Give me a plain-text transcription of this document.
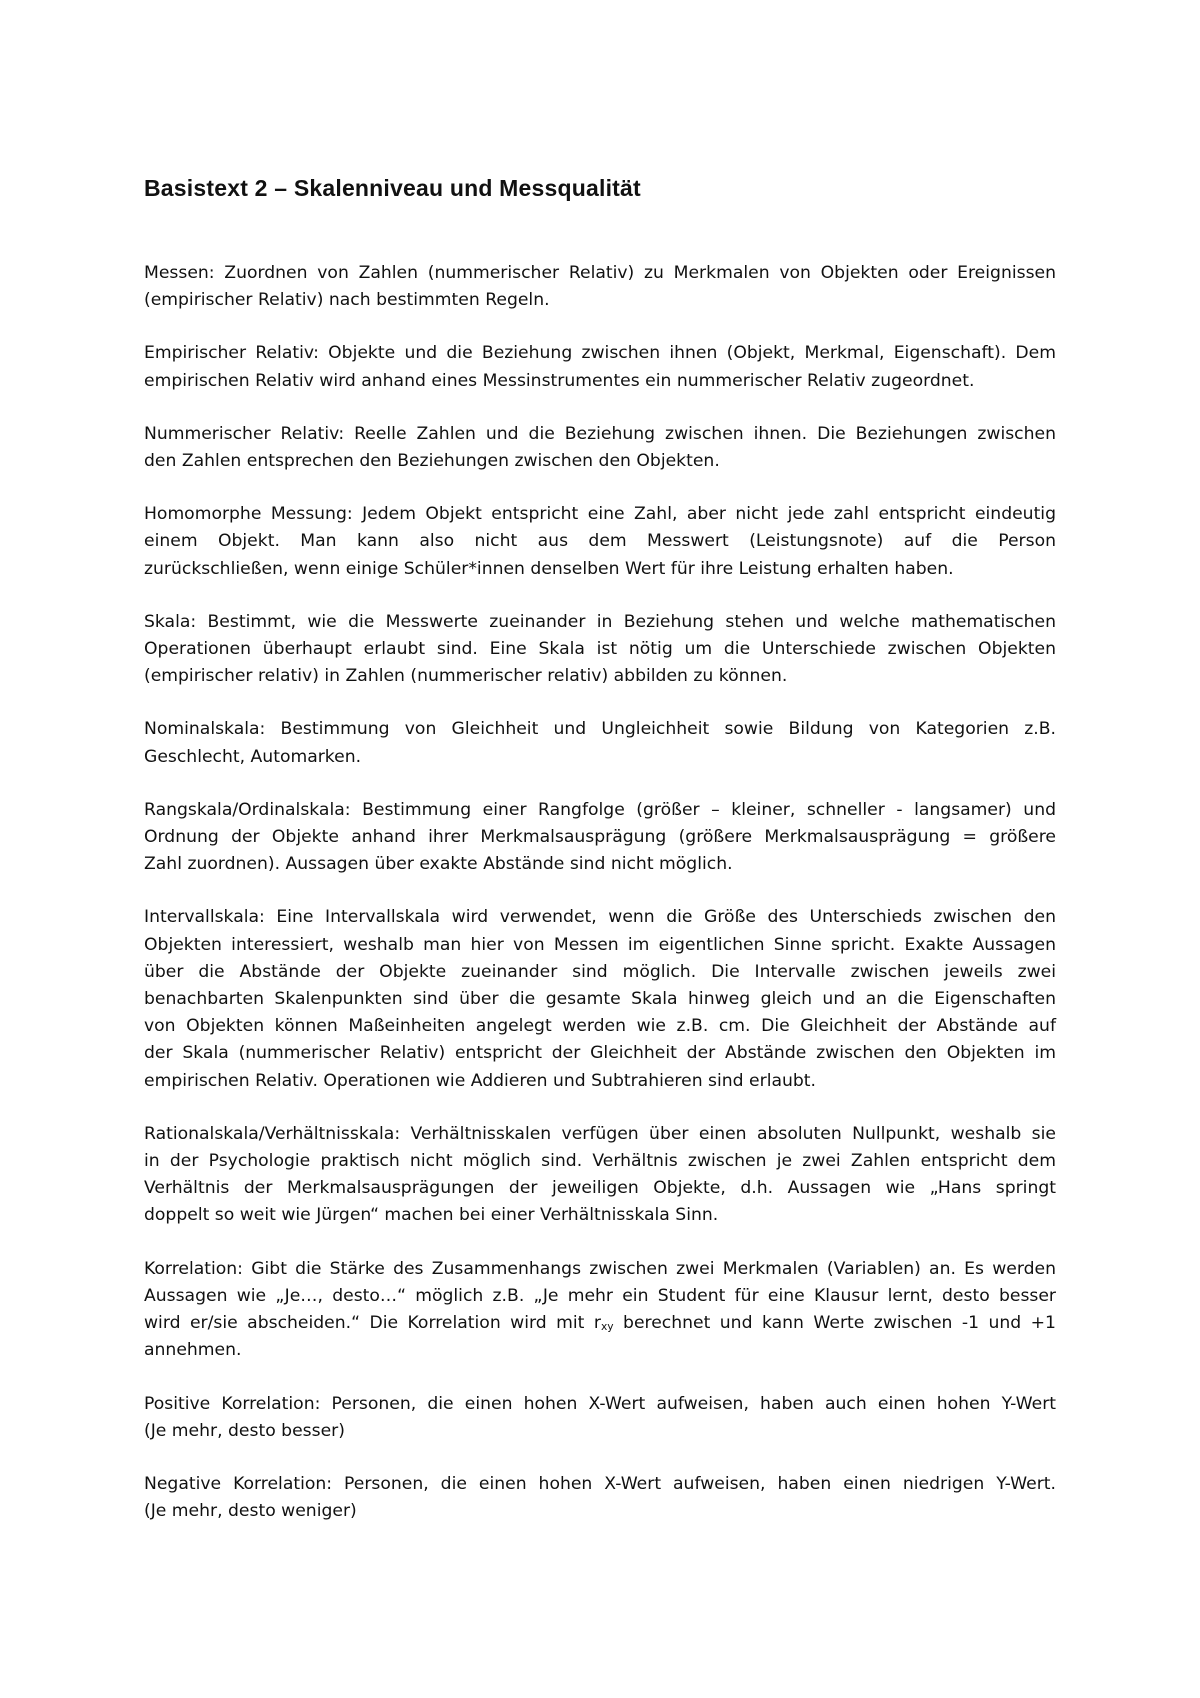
Basistext 2 – Skalenniveau und Messqualität

Messen: Zuordnen von Zahlen (nummerischer Relativ) zu Merkmalen von Objekten oder Ereignissen
(empirischer Relativ) nach bestimmten Regeln.

Empirischer Relativ: Objekte und die Beziehung zwischen ihnen (Objekt, Merkmal, Eigenschaft). Dem
empirischen Relativ wird anhand eines Messinstrumentes ein nummerischer Relativ zugeordnet.

Nummerischer Relativ: Reelle Zahlen und die Beziehung zwischen ihnen. Die Beziehungen zwischen
den Zahlen entsprechen den Beziehungen zwischen den Objekten.

Homomorphe Messung: Jedem Objekt entspricht eine Zahl, aber nicht jede zahl entspricht eindeutig
einem Objekt. Man kann also nicht aus dem Messwert (Leistungsnote) auf die Person
zurückschließen, wenn einige Schüler*innen denselben Wert für ihre Leistung erhalten haben.

Skala: Bestimmt, wie die Messwerte zueinander in Beziehung stehen und welche mathematischen
Operationen überhaupt erlaubt sind. Eine Skala ist nötig um die Unterschiede zwischen Objekten
(empirischer relativ) in Zahlen (nummerischer relativ) abbilden zu können.

Nominalskala: Bestimmung von Gleichheit und Ungleichheit sowie Bildung von Kategorien z.B.
Geschlecht, Automarken.

Rangskala/Ordinalskala: Bestimmung einer Rangfolge (größer – kleiner, schneller - langsamer) und
Ordnung der Objekte anhand ihrer Merkmalsausprägung (größere Merkmalsausprägung = größere
Zahl zuordnen). Aussagen über exakte Abstände sind nicht möglich.

Intervallskala: Eine Intervallskala wird verwendet, wenn die Größe des Unterschieds zwischen den
Objekten interessiert, weshalb man hier von Messen im eigentlichen Sinne spricht. Exakte Aussagen
über die Abstände der Objekte zueinander sind möglich. Die Intervalle zwischen jeweils zwei
benachbarten Skalenpunkten sind über die gesamte Skala hinweg gleich und an die Eigenschaften
von Objekten können Maßeinheiten angelegt werden wie z.B. cm. Die Gleichheit der Abstände auf
der Skala (nummerischer Relativ) entspricht der Gleichheit der Abstände zwischen den Objekten im
empirischen Relativ. Operationen wie Addieren und Subtrahieren sind erlaubt.

Rationalskala/Verhältnisskala: Verhältnisskalen verfügen über einen absoluten Nullpunkt, weshalb sie
in der Psychologie praktisch nicht möglich sind. Verhältnis zwischen je zwei Zahlen entspricht dem
Verhältnis der Merkmalsausprägungen der jeweiligen Objekte, d.h. Aussagen wie „Hans springt
doppelt so weit wie Jürgen“ machen bei einer Verhältnisskala Sinn.

Korrelation: Gibt die Stärke des Zusammenhangs zwischen zwei Merkmalen (Variablen) an. Es werden
Aussagen wie „Je…, desto…“ möglich z.B. „Je mehr ein Student für eine Klausur lernt, desto besser
wird er/sie abscheiden.“ Die Korrelation wird mit $r_{xy}$ berechnet und kann Werte zwischen -1 und +1
annehmen.

Positive Korrelation: Personen, die einen hohen X-Wert aufweisen, haben auch einen hohen Y-Wert
(Je mehr, desto besser)

Negative Korrelation: Personen, die einen hohen X-Wert aufweisen, haben einen niedrigen Y-Wert. (Je mehr, desto weniger)
